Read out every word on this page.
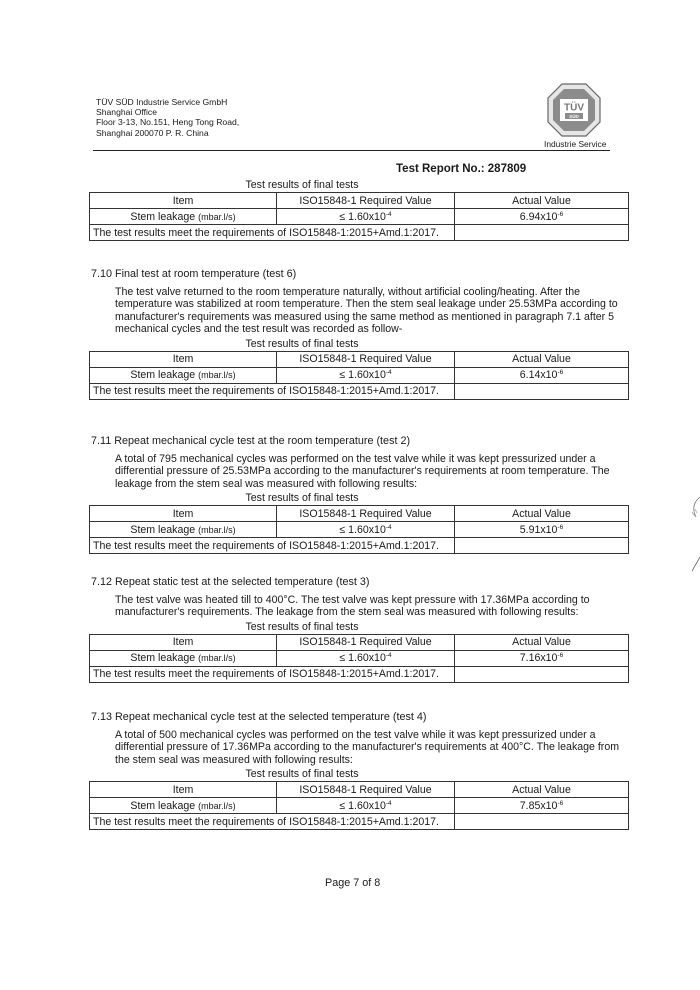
TÜV SÜD Industrie Service GmbH
Shanghai Office
Floor 3-13, No.151, Heng Tong Road,
Shanghai 200070 P. R. China
TÜV
SÜD
Industrie Service
Test Report No.: 287809
Test results of final tests
Item	ISO15848-1 Required Value	Actual Value
Stem leakage (mbar.l/s)	≤ $1.60x10^{-4}$	$6.94x10^{-6}$
The test results meet the requirements of ISO15848-1:2015+Amd.1:2017.		
7.10 Final test at room temperature (test 6)
The test valve returned to the room temperature naturally, without artificial cooling/heating. After the temperature was stabilized at room temperature. Then the stem seal leakage under 25.53MPa according to manufacturer's requirements was measured using the same method as mentioned in paragraph 7.1 after 5 mechanical cycles and the test result was recorded as follow-
Test results of final tests
Item	ISO15848-1 Required Value	Actual Value
Stem leakage (mbar.l/s)	≤ $1.60x10^{-4}$	$6.14x10^{-6}$
The test results meet the requirements of ISO15848-1:2015+Amd.1:2017.		
7.11 Repeat mechanical cycle test at the room temperature (test 2)
A total of 795 mechanical cycles was performed on the test valve while it was kept pressurized under a differential pressure of 25.53MPa according to the manufacturer's requirements at room temperature. The leakage from the stem seal was measured with following results:
Test results of final tests
Item	ISO15848-1 Required Value	Actual Value
Stem leakage (mbar.l/s)	≤ $1.60x10^{-4}$	$5.91x10^{-6}$
The test results meet the requirements of ISO15848-1:2015+Amd.1:2017.		
7.12 Repeat static test at the selected temperature (test 3)
The test valve was heated till to 400°C. The test valve was kept pressure with 17.36MPa according to manufacturer's requirements. The leakage from the stem seal was measured with following results:
Test results of final tests
Item	ISO15848-1 Required Value	Actual Value
Stem leakage (mbar.l/s)	≤ $1.60x10^{-4}$	$7.16x10^{-6}$
The test results meet the requirements of ISO15848-1:2015+Amd.1:2017.		
7.13 Repeat mechanical cycle test at the selected temperature (test 4)
A total of 500 mechanical cycles was performed on the test valve while it was kept pressurized under a differential pressure of 17.36MPa according to the manufacturer's requirements at 400°C. The leakage from the stem seal was measured with following results:
Test results of final tests
Item	ISO15848-1 Required Value	Actual Value
Stem leakage (mbar.l/s)	≤ $1.60x10^{-4}$	$7.85x10^{-6}$
The test results meet the requirements of ISO15848-1:2015+Amd.1:2017.		
Page 7 of 8
